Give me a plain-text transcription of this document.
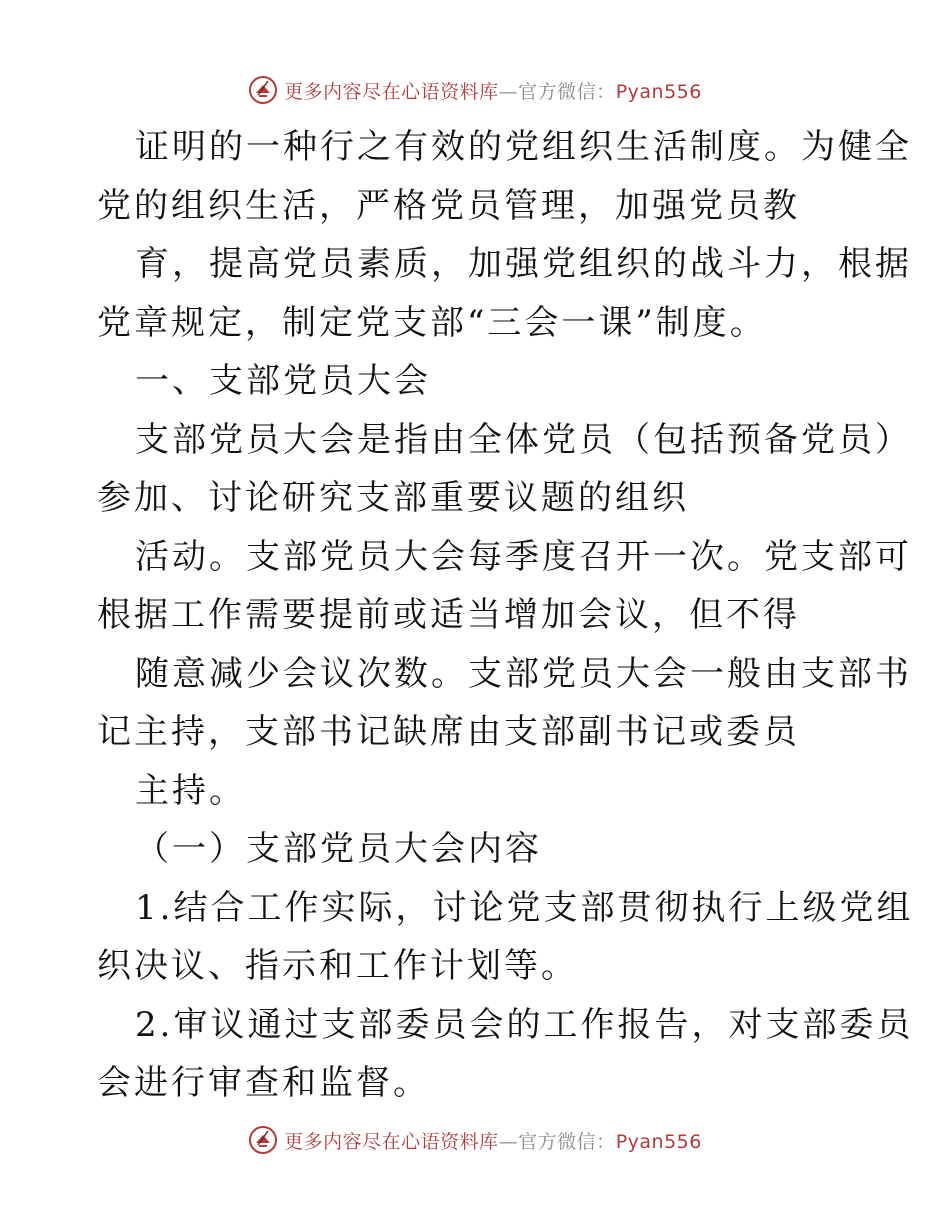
更多内容尽在心语资料库—官方微信：Pyan556
证明的一种行之有效的党组织生活制度。为健全
党的组织生活，严格党员管理，加强党员教
育，提高党员素质，加强党组织的战斗力，根据
党章规定，制定党支部“三会一课”制度。
一、支部党员大会
支部党员大会是指由全体党员（包括预备党员）
参加、讨论研究支部重要议题的组织
活动。支部党员大会每季度召开一次。党支部可
根据工作需要提前或适当增加会议，但不得
随意减少会议次数。支部党员大会一般由支部书
记主持，支部书记缺席由支部副书记或委员
主持。
（一）支部党员大会内容
1.结合工作实际，讨论党支部贯彻执行上级党组
织决议、指示和工作计划等。
2.审议通过支部委员会的工作报告，对支部委员
会进行审查和监督。
更多内容尽在心语资料库—官方微信：Pyan556
